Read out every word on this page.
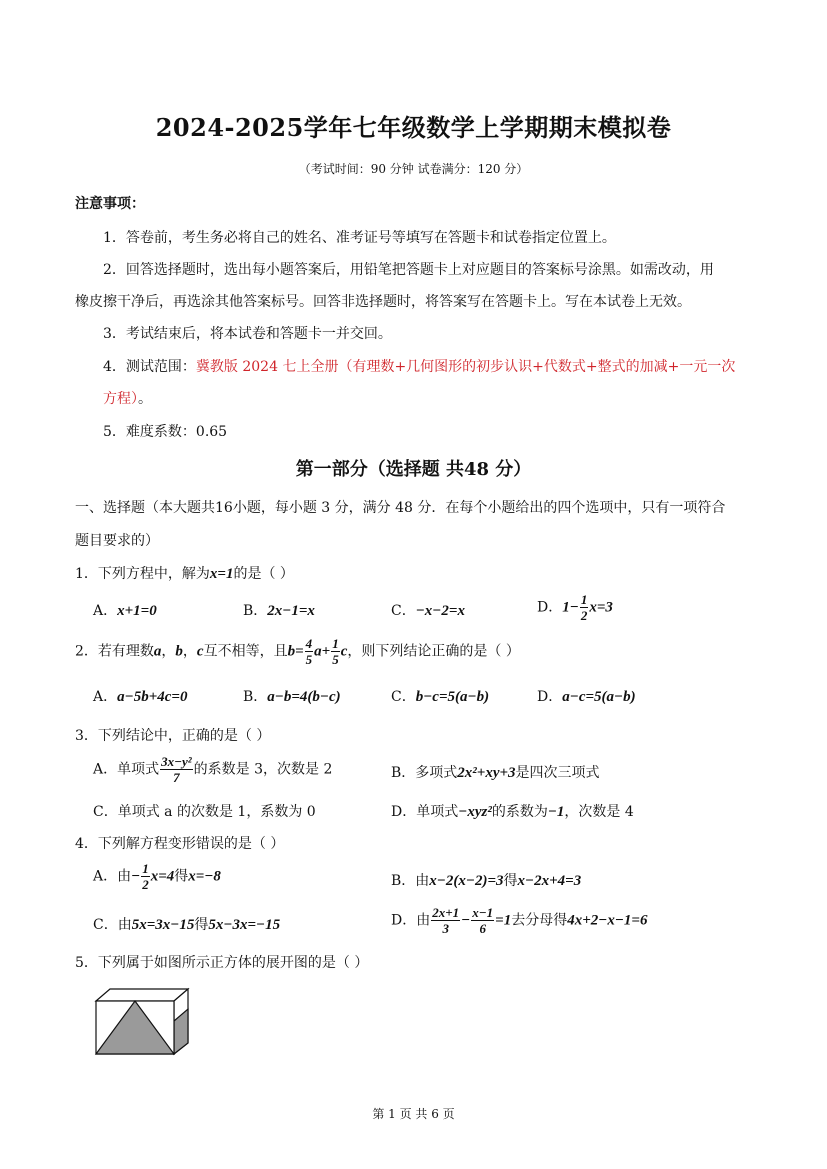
2024-2025学年七年级数学上学期期末模拟卷
（考试时间：90 分钟 试卷满分：120 分）
注意事项：
1．答卷前，考生务必将自己的姓名、准考证号等填写在答题卡和试卷指定位置上。
2．回答选择题时，选出每小题答案后，用铅笔把答题卡上对应题目的答案标号涂黑。如需改动，用
橡皮擦干净后，再选涂其他答案标号。回答非选择题时，将答案写在答题卡上。写在本试卷上无效。
3．考试结束后，将本试卷和答题卡一并交回。
4．测试范围：冀教版 2024 七上全册（有理数+几何图形的初步认识+代数式+整式的加减+一元一次
方程）。
5．难度系数：0.65
第一部分（选择题 共48 分）
一、选择题（本大题共16小题，每小题 3 分，满分 48 分．在每个小题给出的四个选项中，只有一项符合
题目要求的）
1．下列方程中，解为x=1的是（ ）
A．x+1=0	B．2x−1=x	C．−x−2=x	D．$1- \frac{1}{2} x=3$
2．若有理数a，b，c互不相等，且$b= \frac{4}{5} a+ \frac{1}{5}$ c，则下列结论正确的是（ ）
A．a−5b+4c=0	B．a−b=4(b−c)	C．b−c=5(a−b)	D．a−c=5(a−b)
3．下列结论中，正确的是（ ）
A．单项式 $\frac{\text{3x−y²}}{7}$ 的系数是 3，次数是 2	B．多项式2x²+xy+3是四次三项式
C．单项式 a 的次数是 1，系数为 0	D．单项式−xyz²的系数为−1，次数是 4
4．下列解方程变形错误的是（ ）
A．由− $\frac{1}{2} x=4$得x=−8	B．由x−2(x−2)=3得x−2x+4=3
C．由5x=3x−15得5x−3x=−15	D．由 $\frac{2x+1}{3} - \frac{x-1}{6} =1$去分母得4x+2−x−1=6
5．下列属于如图所示正方体的展开图的是（ ）
第 1 页 共 6 页
